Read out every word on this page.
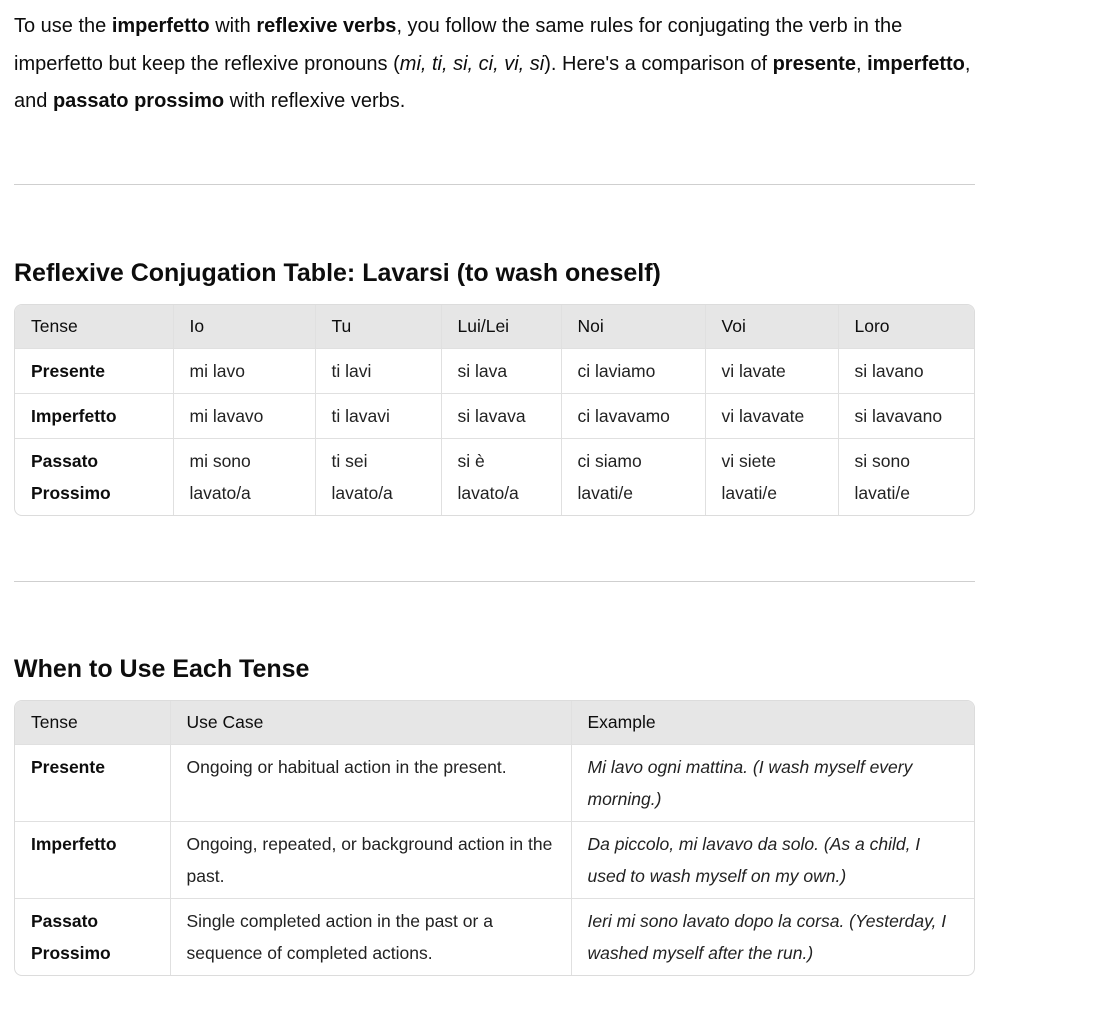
To use the imperfetto with reflexive verbs, you follow the same rules for conjugating the verb in the imperfetto but keep the reflexive pronouns (mi, ti, si, ci, vi, si). Here's a comparison of presente, imperfetto, and passato prossimo with reflexive verbs.

Reflexive Conjugation Table: Lavarsi (to wash oneself)
Tense	Io	Tu	Lui/Lei	Noi	Voi	Loro
Presente	mi lavo	ti lavi	si lava	ci laviamo	vi lavate	si lavano
Imperfetto	mi lavavo	ti lavavi	si lavava	ci lavavamo	vi lavavate	si lavavano
Passato Prossimo	mi sono lavato/a	ti sei lavato/a	si è lavato/a	ci siamo lavati/e	vi siete lavati/e	si sono lavati/e
When to Use Each Tense
Tense	Use Case	Example
Presente	Ongoing or habitual action in the present.	Mi lavo ogni mattina. (I wash myself every morning.)
Imperfetto	Ongoing, repeated, or background action in the past.	Da piccolo, mi lavavo da solo. (As a child, I used to wash myself on my own.)
Passato Prossimo	Single completed action in the past or a sequence of completed actions.	Ieri mi sono lavato dopo la corsa. (Yesterday, I washed myself after the run.)
